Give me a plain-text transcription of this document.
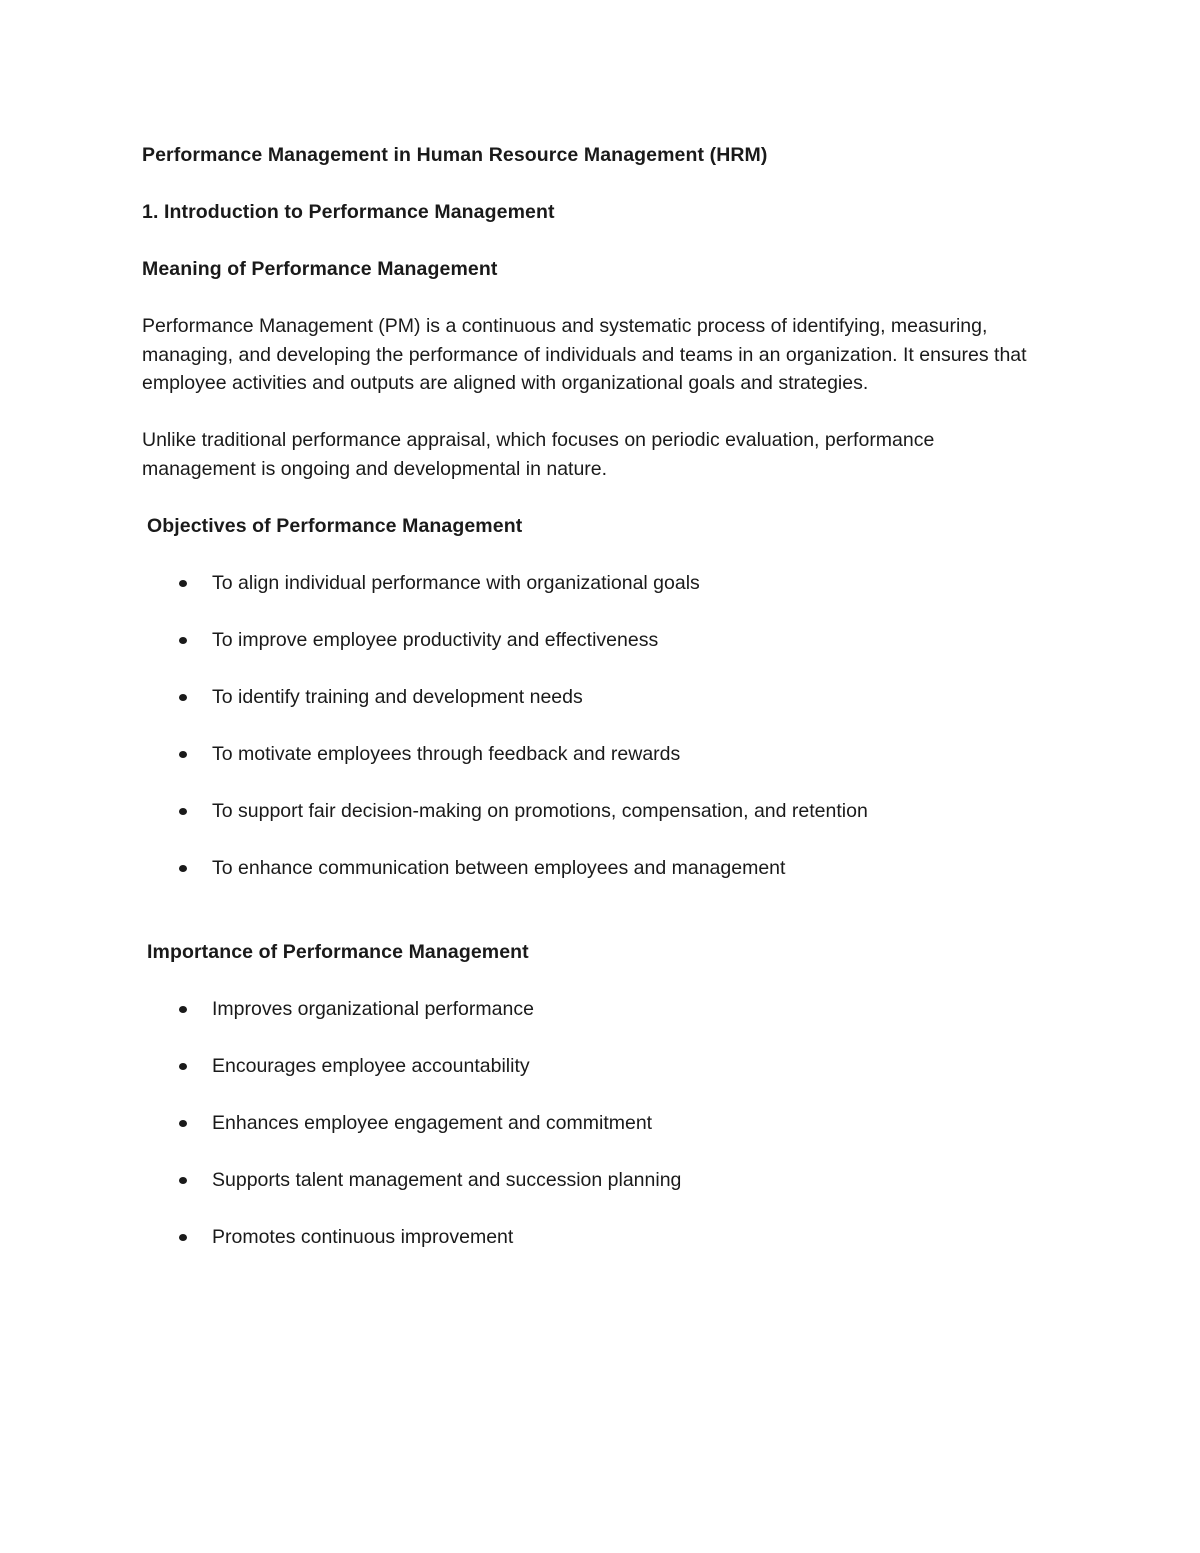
Performance Management in Human Resource Management (HRM)

1. Introduction to Performance Management

Meaning of Performance Management

Performance Management (PM) is a continuous and systematic process of identifying, measuring, managing, and developing the performance of individuals and teams in an organization. It ensures that employee activities and outputs are aligned with organizational goals and strategies.

Unlike traditional performance appraisal, which focuses on periodic evaluation, performance management is ongoing and developmental in nature.

Objectives of Performance Management

To align individual performance with organizational goals
To improve employee productivity and effectiveness
To identify training and development needs
To motivate employees through feedback and rewards
To support fair decision-making on promotions, compensation, and retention
To enhance communication between employees and management

Importance of Performance Management

Improves organizational performance
Encourages employee accountability
Enhances employee engagement and commitment
Supports talent management and succession planning
Promotes continuous improvement
